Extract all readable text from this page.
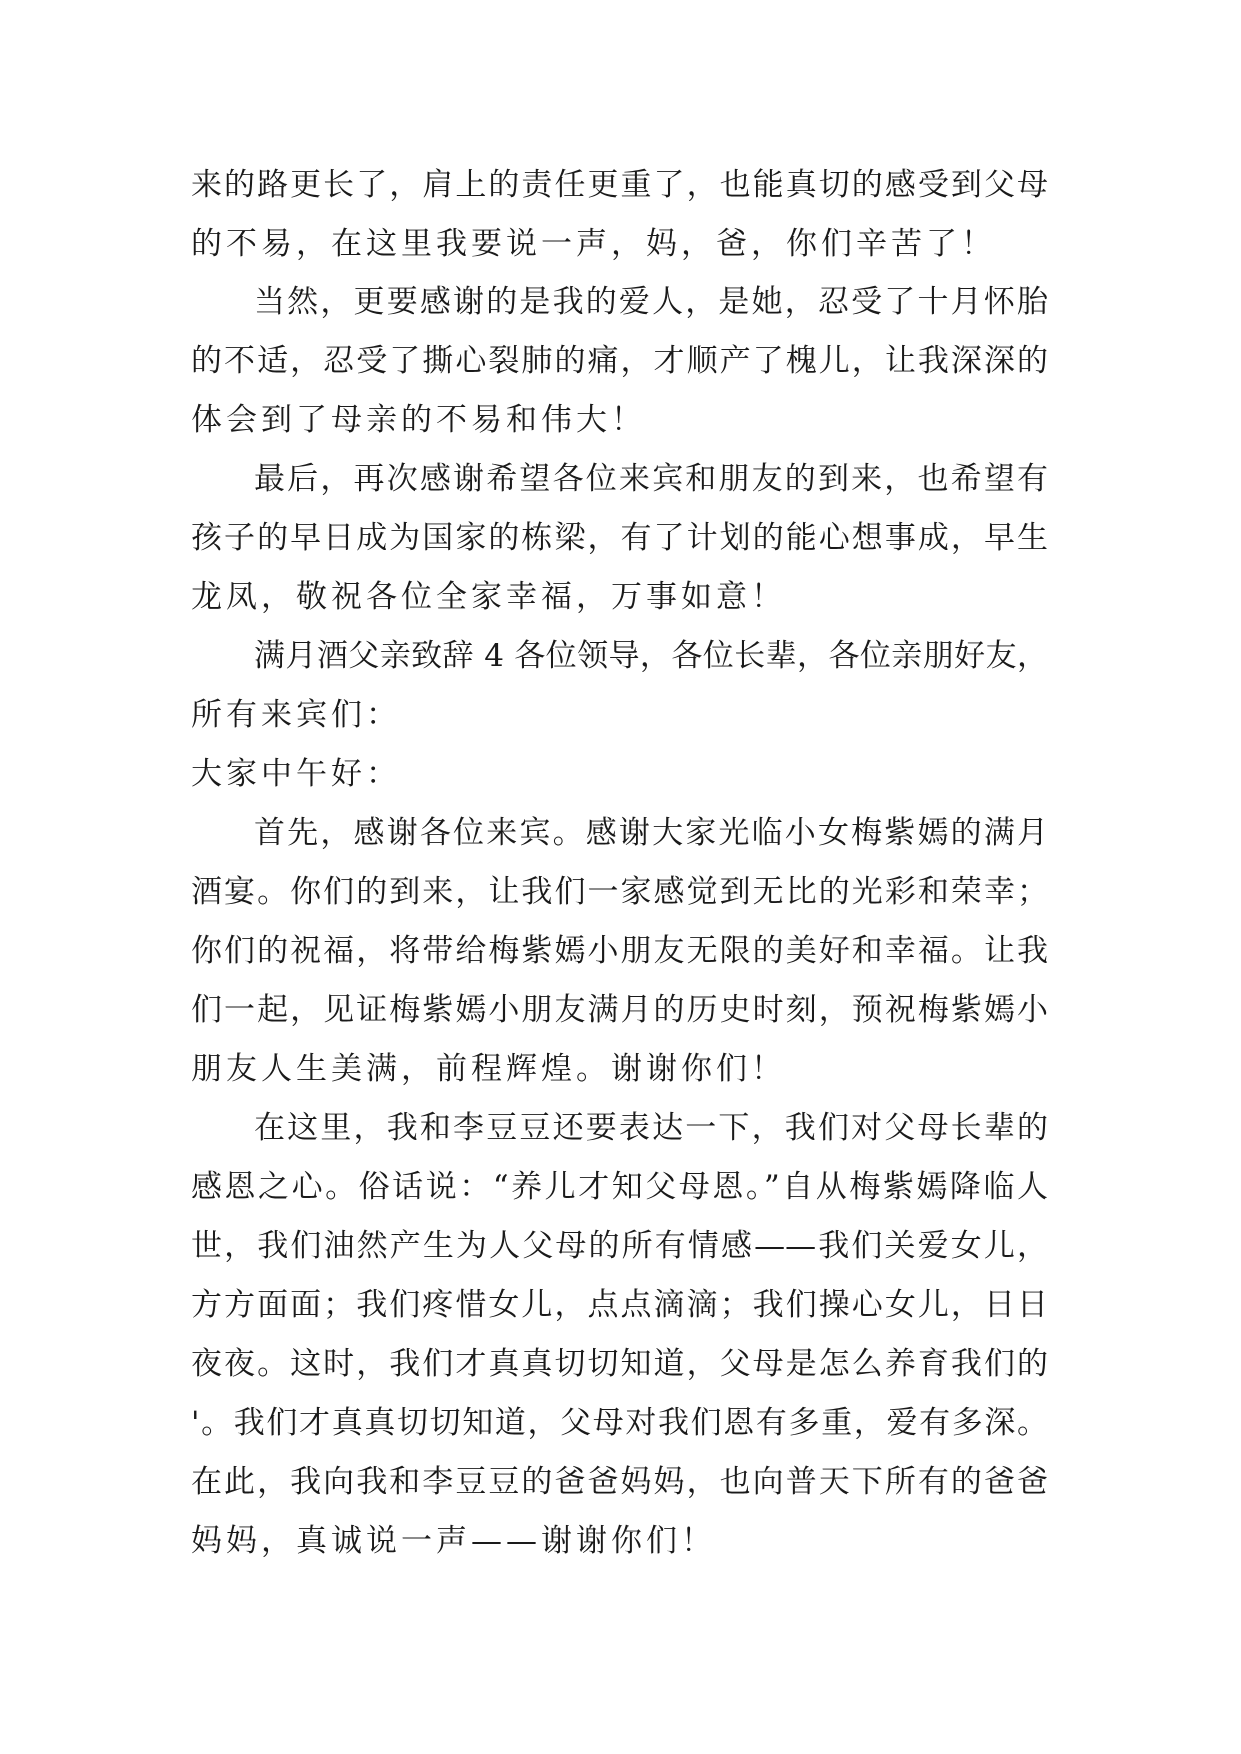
来的路更长了，肩上的责任更重了，也能真切的感受到父母
的不易，在这里我要说一声，妈，爸，你们辛苦了！
当然，更要感谢的是我的爱人，是她，忍受了十月怀胎
的不适，忍受了撕心裂肺的痛，才顺产了槐儿，让我深深的
体会到了母亲的不易和伟大！
最后，再次感谢希望各位来宾和朋友的到来，也希望有
孩子的早日成为国家的栋梁，有了计划的能心想事成，早生
龙凤，敬祝各位全家幸福，万事如意！
满月酒父亲致辞 4 各位领导，各位长辈，各位亲朋好友，
所有来宾们：
大家中午好：
首先，感谢各位来宾。感谢大家光临小女梅紫嫣的满月
酒宴。你们的到来，让我们一家感觉到无比的光彩和荣幸；
你们的祝福，将带给梅紫嫣小朋友无限的美好和幸福。让我
们一起，见证梅紫嫣小朋友满月的历史时刻，预祝梅紫嫣小
朋友人生美满，前程辉煌。谢谢你们！
在这里，我和李豆豆还要表达一下，我们对父母长辈的
感恩之心。俗话说：“养儿才知父母恩。”自从梅紫嫣降临人
世，我们油然产生为人父母的所有情感——我们关爱女儿，
方方面面；我们疼惜女儿，点点滴滴；我们操心女儿，日日
夜夜。这时，我们才真真切切知道，父母是怎么养育我们的
'。我们才真真切切知道，父母对我们恩有多重，爱有多深。
在此，我向我和李豆豆的爸爸妈妈，也向普天下所有的爸爸
妈妈，真诚说一声——谢谢你们！
